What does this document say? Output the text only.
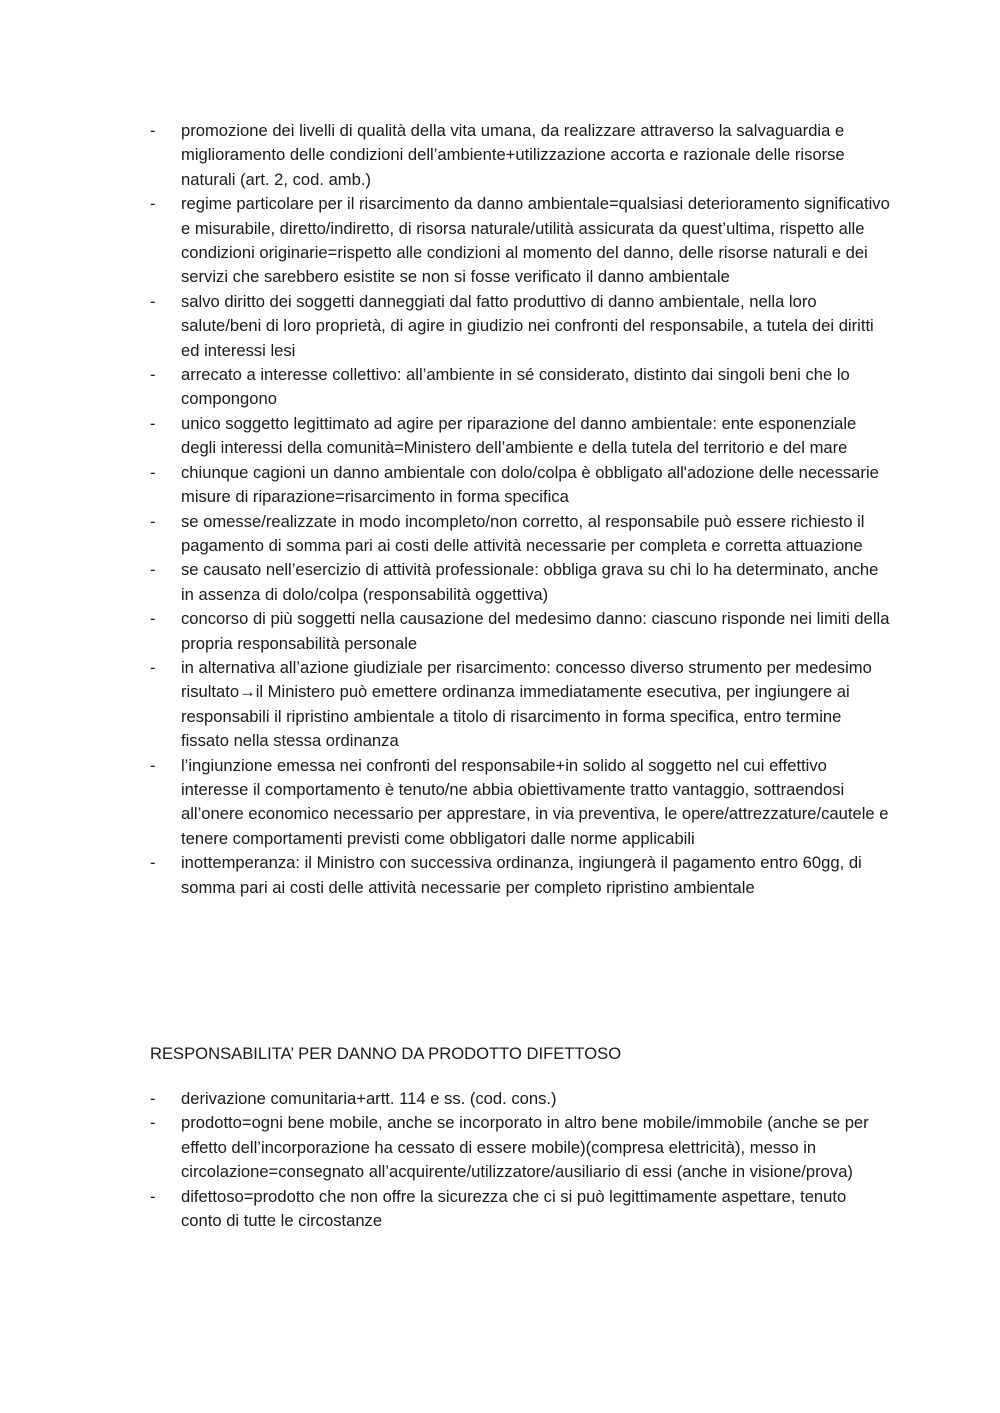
- promozione dei livelli di qualità della vita umana, da realizzare attraverso la salvaguardia e miglioramento delle condizioni dell’ambiente+utilizzazione accorta e razionale delle risorse naturali (art. 2, cod. amb.)
- regime particolare per il risarcimento da danno ambientale=qualsiasi deterioramento significativo e misurabile, diretto/indiretto, di risorsa naturale/utilità assicurata da quest’ultima, rispetto alle condizioni originarie=rispetto alle condizioni al momento del danno, delle risorse naturali e dei servizi che sarebbero esistite se non si fosse verificato il danno ambientale
- salvo diritto dei soggetti danneggiati dal fatto produttivo di danno ambientale, nella loro salute/beni di loro proprietà, di agire in giudizio nei confronti del responsabile, a tutela dei diritti ed interessi lesi
- arrecato a interesse collettivo: all’ambiente in sé considerato, distinto dai singoli beni che lo compongono
- unico soggetto legittimato ad agire per riparazione del danno ambientale: ente esponenziale degli interessi della comunità=Ministero dell’ambiente e della tutela del territorio e del mare
- chiunque cagioni un danno ambientale con dolo/colpa è obbligato all'adozione delle necessarie misure di riparazione=risarcimento in forma specifica
- se omesse/realizzate in modo incompleto/non corretto, al responsabile può essere richiesto il pagamento di somma pari ai costi delle attività necessarie per completa e corretta attuazione
- se causato nell’esercizio di attività professionale: obbliga grava su chi lo ha determinato, anche in assenza di dolo/colpa (responsabilità oggettiva)
- concorso di più soggetti nella causazione del medesimo danno: ciascuno risponde nei limiti della propria responsabilità personale
- in alternativa all’azione giudiziale per risarcimento: concesso diverso strumento per medesimo risultato→il Ministero può emettere ordinanza immediatamente esecutiva, per ingiungere ai responsabili il ripristino ambientale a titolo di risarcimento in forma specifica, entro termine fissato nella stessa ordinanza
- l’ingiunzione emessa nei confronti del responsabile+in solido al soggetto nel cui effettivo interesse il comportamento è tenuto/ne abbia obiettivamente tratto vantaggio, sottraendosi all’onere economico necessario per apprestare, in via preventiva, le opere/attrezzature/cautele e tenere comportamenti previsti come obbligatori dalle norme applicabili
- inottemperanza: il Ministro con successiva ordinanza, ingiungerà il pagamento entro 60gg, di somma pari ai costi delle attività necessarie per completo ripristino ambientale
RESPONSABILITA’ PER DANNO DA PRODOTTO DIFETTOSO
- derivazione comunitaria+artt. 114 e ss. (cod. cons.)
- prodotto=ogni bene mobile, anche se incorporato in altro bene mobile/immobile (anche se per effetto dell’incorporazione ha cessato di essere mobile)(compresa elettricità), messo in circolazione=consegnato all’acquirente/utilizzatore/ausiliario di essi (anche in visione/prova)
- difettoso=prodotto che non offre la sicurezza che ci si può legittimamente aspettare, tenuto conto di tutte le circostanze
